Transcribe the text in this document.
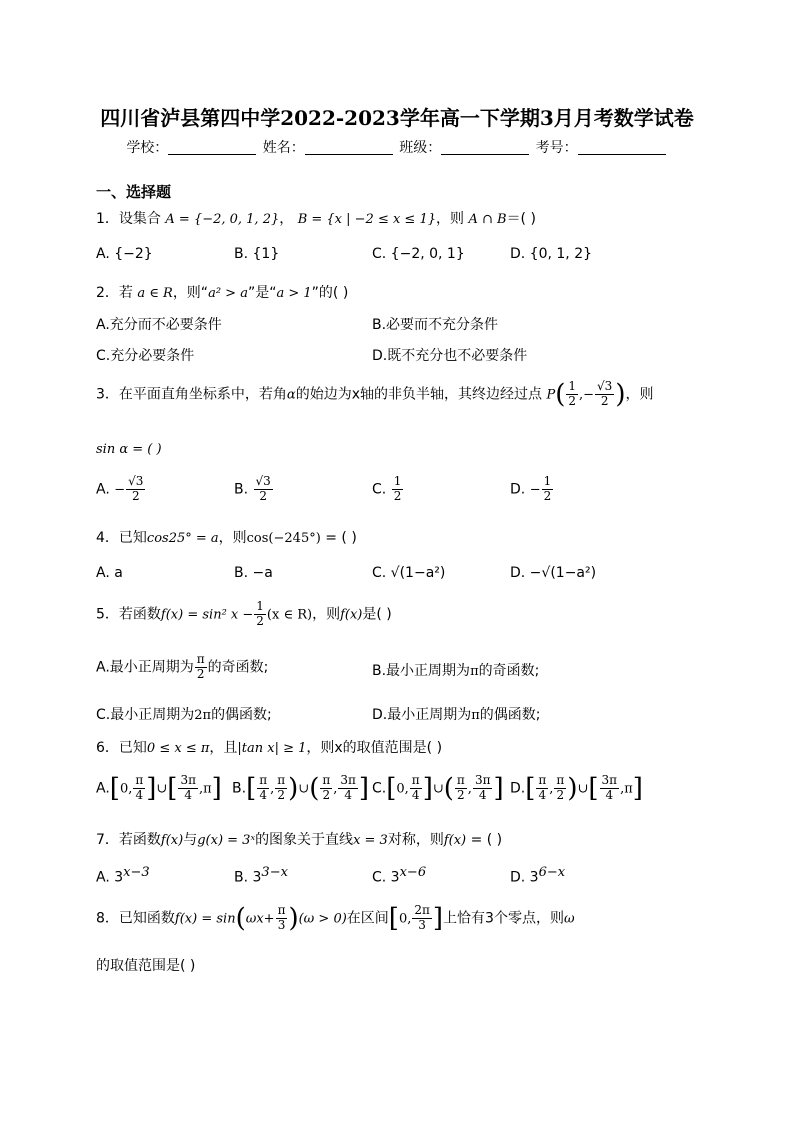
四川省泸县第四中学2022-2023学年高一下学期3月月考数学试卷
学校：	姓名：	班级：	考号：
一、选择题
1．设集合 A = {−2, 0, 1, 2}， B = {x | −2 ≤ x ≤ 1}，则 A ∩ B＝( )
A. {−2}	B. {1}	C. {−2, 0, 1}	D. {0, 1, 2}
2．若 a ∈ R，则“a² > a”是“a > 1”的( )
A.充分而不必要条件	B.必要而不充分条件
C.充分必要条件	D.既不充分也不必要条件
3．在平面直角坐标系中，若角α的始边为x轴的非负半轴，其终边经过点 $P( \frac{1}{2}$ ,− $\frac{√3}{2}$ )，则
sin α = ( )
A. − $\frac{√3}{2}$	B. $\frac{√3}{2}$	C. $\frac{1}{2}$	D. − $\frac{1}{2}$
4．已知cos25° = a，则cos(−245°) = ( )
A. a	B. −a	C. √(1−a²)	D. −√(1−a²)
5．若函数f(x) = sin² $x - \frac{1}{2} (x$ ∈ R)，则f(x)是( )
A.最小正周期为 $\frac{\pi}{2}$ 的奇函数;	B.最小正周期为π的奇函数;
C.最小正周期为2π的偶函数;	D.最小正周期为π的偶函数;
6．已知0 ≤ x ≤ π，且|tan x| ≥ 1，则x的取值范围是( )
A.[0, $\frac{\pi}{4}$ ]∪[ $\frac{3\pi}{4} ,\pi$] $B.[ \frac{\pi}{4}$ , $\frac{\pi}{2}$ )∪( $\frac{\pi}{2}$ , $\frac{3\pi}{4}$ ] C.[0, $\frac{\pi}{4}$ ]∪( $\frac{\pi}{2}$ , $\frac{3\pi}{4}$ ] $D.[ \frac{\pi}{4}$ , $\frac{\pi}{2}$ )∪[ $\frac{3\pi}{4} ,\pi$]
7．若函数f(x)与g(x) = 3ˣ的图象关于直线x = 3对称，则f(x) = ( )
A. $3^{x-3}$	B. $3^{3-x}$	C. $3^{x-6}$	D. $3^{6-x}$
8．已知函数$f(x) = \sin(\omega x+ \frac{\pi}{3} )(\omega > 0)$在区间[0, $\frac{2\pi}{3}$ ]上恰有3个零点，则ω
的取值范围是( )
